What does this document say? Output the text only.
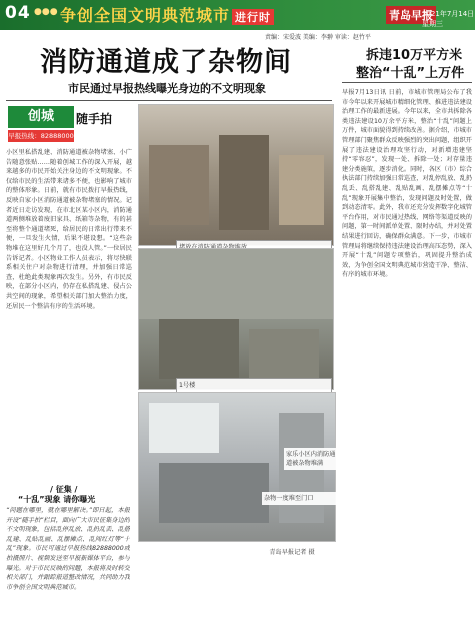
04 ●●● 争创全国文明典范城市 进行时	青岛早报
2021年7月14日 星期三
责编：宋爱波 美编：李翀 审读：赵竹平
消防通道成了杂物间
市民通过早报热线曝光身边的不文明现象
拆违10万平方米
整治“十乱”上万件
创城	随手拍
早报热线：82888000
小区里私搭乱建、消防通道被杂物堵塞、小广告随意张贴……随着创城工作的深入开展，越来越多的市民开始关注身边的不文明现象。不仅给市民的生活带来诸多不便，也影响了城市的整体形象。日前，就有市民拨打早报热线，反映自家小区消防通道被杂物堵塞的情况。记者近日走访发现，在市北区某小区内，消防通道两侧堆放着废旧家具、纸箱等杂物，有的甚至将整个通道堵死，给居民的日常出行带来不便，一旦发生火情，后果不堪设想。“这些杂物堆在这里好几个月了，也没人管。”一位居民告诉记者。小区物业工作人员表示，将尽快联系相关住户对杂物进行清理，并加强日常巡查，杜绝此类现象再次发生。另外，有市民反映，在部分小区内，仍存在私搭乱建、侵占公共空间的现象，希望相关部门加大整治力度，还居民一个整洁有序的生活环境。
1号楼
家乐小区内消防通道被杂物堆满
杂物一度堆至门口
青岛早报记者 摄
/ 征集 /
“十乱”现象 请你曝光
“问题在哪里，就在哪里解决。”即日起，本报开设“随手拍”栏目，面向广大市民征集身边的不文明现象，包括乱停乱放、乱扔乱丢、乱搭乱建、乱贴乱画、乱摆摊点、乱闯红灯等“十乱”现象。市民可通过早报热线82888000或拍摄照片、视频发送至早报新媒体平台，参与曝光。对于市民反映的问题，本报将及时转交相关部门，并跟踪报道整改情况，共同助力我市争创全国文明典范城市。
早报7月13日讯 日前，市城市管理局公布了我市今年以来开展城市精细化管理、推进违法建设治理工作的最新进展。今年以来，全市共拆除各类违法建设10万余平方米，整治“十乱”问题上万件，城市面貌得到持续改善。据介绍，市城市管理部门聚焦群众反映强烈的突出问题，组织开展了违法建设治理攻坚行动，对新增违建坚持“零容忍”，发现一处、拆除一处；对存量违建分类施策，逐步消化。同时，各区（市）综合执法部门持续加强日常巡查，对乱停乱放、乱扔乱丢、乱搭乱建、乱贴乱画、乱摆摊点等“十乱”现象开展集中整治，发现问题及时处置，做到动态清零。此外，我市还充分发挥数字化城管平台作用，对市民通过热线、网络等渠道反映的问题，第一时间派单处置、限时办结，并对处置结果进行回访，确保群众满意。下一步，市城市管理局将继续保持违法建设治理高压态势，深入开展“十乱”问题专项整治，巩固提升整治成效，为争创全国文明典范城市营造干净、整洁、有序的城市环境。
